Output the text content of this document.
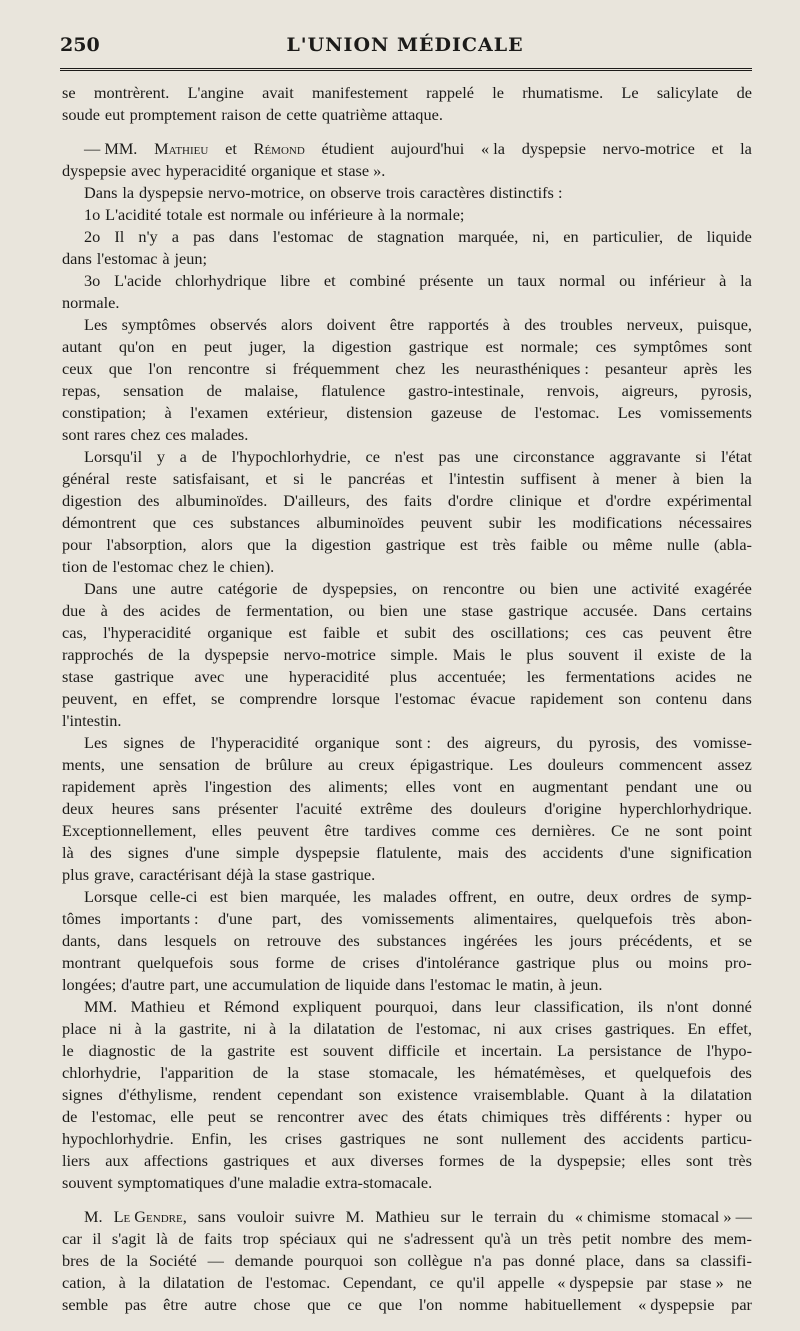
250	L'UNION MÉDICALE
se montrèrent. L'angine avait manifestement rappelé le rhumatisme. Le salicylate de
soude eut promptement raison de cette quatrième attaque.
— MM. Mathieu et Rémond étudient aujourd'hui « la dyspepsie nervo-motrice et la
dyspepsie avec hyperacidité organique et stase ».
Dans la dyspepsie nervo-motrice, on observe trois caractères distinctifs :
1o L'acidité totale est normale ou inférieure à la normale;
2o Il n'y a pas dans l'estomac de stagnation marquée, ni, en particulier, de liquide
dans l'estomac à jeun;
3o L'acide chlorhydrique libre et combiné présente un taux normal ou inférieur à la
normale.
Les symptômes observés alors doivent être rapportés à des troubles nerveux, puisque,
autant qu'on en peut juger, la digestion gastrique est normale; ces symptômes sont
ceux que l'on rencontre si fréquemment chez les neurasthéniques : pesanteur après les
repas, sensation de malaise, flatulence gastro-intestinale, renvois, aigreurs, pyrosis,
constipation; à l'examen extérieur, distension gazeuse de l'estomac. Les vomissements
sont rares chez ces malades.
Lorsqu'il y a de l'hypochlorhydrie, ce n'est pas une circonstance aggravante si l'état
général reste satisfaisant, et si le pancréas et l'intestin suffisent à mener à bien la
digestion des albuminoïdes. D'ailleurs, des faits d'ordre clinique et d'ordre expérimental
démontrent que ces substances albuminoïdes peuvent subir les modifications nécessaires
pour l'absorption, alors que la digestion gastrique est très faible ou même nulle (abla-
tion de l'estomac chez le chien).
Dans une autre catégorie de dyspepsies, on rencontre ou bien une activité exagérée
due à des acides de fermentation, ou bien une stase gastrique accusée. Dans certains
cas, l'hyperacidité organique est faible et subit des oscillations; ces cas peuvent être
rapprochés de la dyspepsie nervo-motrice simple. Mais le plus souvent il existe de la
stase gastrique avec une hyperacidité plus accentuée; les fermentations acides ne
peuvent, en effet, se comprendre lorsque l'estomac évacue rapidement son contenu dans
l'intestin.
Les signes de l'hyperacidité organique sont : des aigreurs, du pyrosis, des vomisse-
ments, une sensation de brûlure au creux épigastrique. Les douleurs commencent assez
rapidement après l'ingestion des aliments; elles vont en augmentant pendant une ou
deux heures sans présenter l'acuité extrême des douleurs d'origine hyperchlorhydrique.
Exceptionnellement, elles peuvent être tardives comme ces dernières. Ce ne sont point
là des signes d'une simple dyspepsie flatulente, mais des accidents d'une signification
plus grave, caractérisant déjà la stase gastrique.
Lorsque celle-ci est bien marquée, les malades offrent, en outre, deux ordres de symp-
tômes importants : d'une part, des vomissements alimentaires, quelquefois très abon-
dants, dans lesquels on retrouve des substances ingérées les jours précédents, et se
montrant quelquefois sous forme de crises d'intolérance gastrique plus ou moins pro-
longées; d'autre part, une accumulation de liquide dans l'estomac le matin, à jeun.
MM. Mathieu et Rémond expliquent pourquoi, dans leur classification, ils n'ont donné
place ni à la gastrite, ni à la dilatation de l'estomac, ni aux crises gastriques. En effet,
le diagnostic de la gastrite est souvent difficile et incertain. La persistance de l'hypo-
chlorhydrie, l'apparition de la stase stomacale, les hématémèses, et quelquefois des
signes d'éthylisme, rendent cependant son existence vraisemblable. Quant à la dilatation
de l'estomac, elle peut se rencontrer avec des états chimiques très différents : hyper ou
hypochlorhydrie. Enfin, les crises gastriques ne sont nullement des accidents particu-
liers aux affections gastriques et aux diverses formes de la dyspepsie; elles sont très
souvent symptomatiques d'une maladie extra-stomacale.
M. Le Gendre, sans vouloir suivre M. Mathieu sur le terrain du « chimisme stomacal » —
car il s'agit là de faits trop spéciaux qui ne s'adressent qu'à un très petit nombre des mem-
bres de la Société — demande pourquoi son collègue n'a pas donné place, dans sa classifi-
cation, à la dilatation de l'estomac. Cependant, ce qu'il appelle « dyspepsie par stase » ne
semble pas être autre chose que ce que l'on nomme habituellement « dyspepsie par
